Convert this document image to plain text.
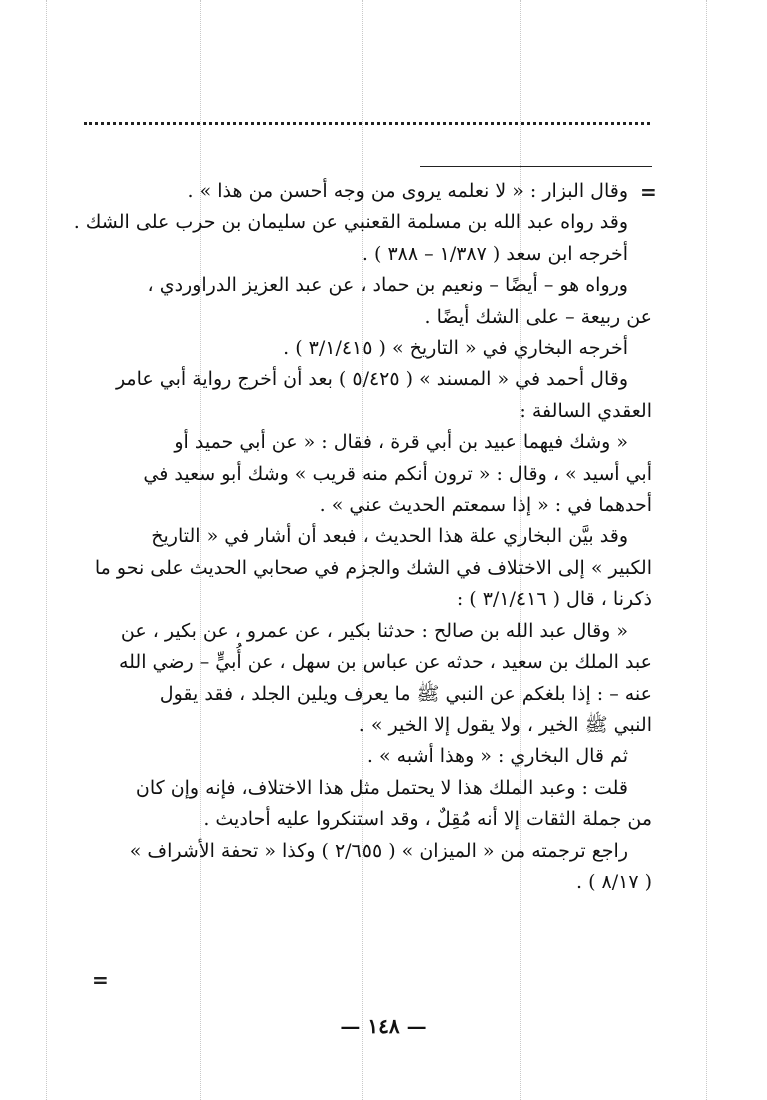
=
=
وقال البزار : « لا نعلمه يروى من وجه أحسن من هذا » .
وقد رواه عبد الله بن مسلمة القعنبي عن سليمان بن حرب على الشك .
أخرجه ابن سعد ( ١/٣٨٧ – ٣٨٨ ) .
ورواه هو – أيضًا – ونعيم بن حماد ، عن عبد العزيز الدراوردي ،
عن ربيعة – على الشك أيضًا .
أخرجه البخاري في « التاريخ » ( ٣/١/٤١٥ ) .
وقال أحمد في « المسند » ( ٥/٤٢٥ ) بعد أن أخرج رواية أبي عامر
العقدي السالفة :
« وشك فيهما عبيد بن أبي قرة ، فقال : « عن أبي حميد أو
أبي أسيد » ، وقال : « ترون أنكم منه قريب » وشك أبو سعيد في
أحدهما في : « إذا سمعتم الحديث عني » .
وقد بيَّن البخاري علة هذا الحديث ، فبعد أن أشار في « التاريخ
الكبير » إلى الاختلاف في الشك والجزم في صحابي الحديث على نحو ما
ذكرنا ، قال ( ٣/١/٤١٦ ) :
« وقال عبد الله بن صالح : حدثنا بكير ، عن عمرو ، عن بكير ، عن
عبد الملك بن سعيد ، حدثه عن عباس بن سهل ، عن أُبيٍّ – رضي الله
عنه – : إذا بلغكم عن النبي ﷺ ما يعرف ويلين الجلد ، فقد يقول
النبي ﷺ الخير ، ولا يقول إلا الخير » .
ثم قال البخاري : « وهذا أشبه » .
قلت : وعبد الملك هذا لا يحتمل مثل هذا الاختلاف، فإنه وإن كان
من جملة الثقات إلا أنه مُقِلٌ ، وقد استنكروا عليه أحاديث .
راجع ترجمته من « الميزان » ( ٢/٦٥٥ ) وكذا « تحفة الأشراف »
( ٨/١٧ ) .
— ١٤٨ —
